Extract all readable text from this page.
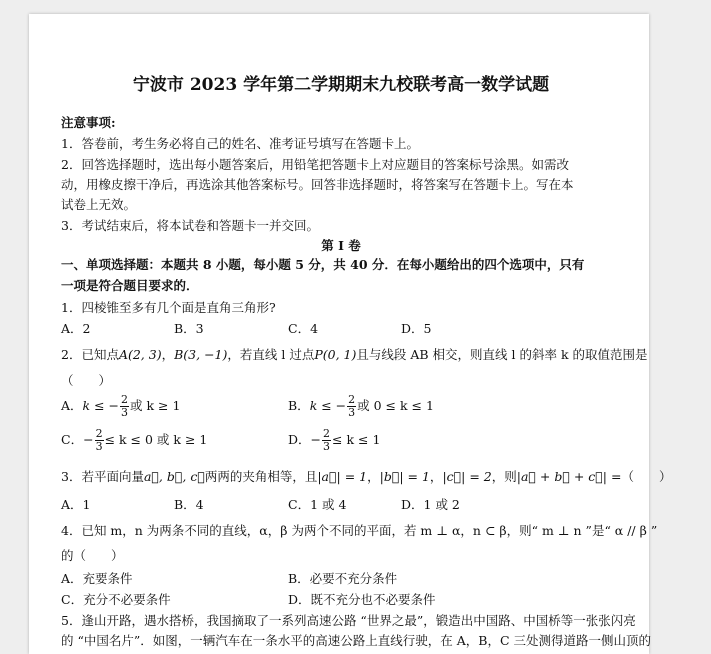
宁波市 2023 学年第二学期期末九校联考高一数学试题
注意事项:
1．答卷前，考生务必将自己的姓名、准考证号填写在答题卡上。
2．回答选择题时，选出每小题答案后，用铅笔把答题卡上对应题目的答案标号涂黑。如需改
动，用橡皮擦干净后，再选涂其他答案标号。回答非选择题时，将答案写在答题卡上。写在本
试卷上无效。
3．考试结束后，将本试卷和答题卡一并交回。
第 I 卷
一、单项选择题：本题共 8 小题，每小题 5 分，共 40 分．在每小题给出的四个选项中，只有
一项是符合题目要求的．
1．四棱锥至多有几个面是直角三角形?
A．2	B．3	C．4	D．5
2．已知点A(2, 3)，B(3, −1)，若直线 l 过点P(0, 1)且与线段 AB 相交，则直线 l 的斜率 k 的取值范围是
（　　）
A．k ≤ − $\frac{2}{3}$ 或 k ≥ 1	B．k ≤ − $\frac{2}{3}$ 或 0 ≤ k ≤ 1
C．− $\frac{2}{3} \le k \le 0$ 或 k ≥ 1	D．− $\frac{2}{3} \le k \le 1$
3．若平面向量a⃗, b⃗, c⃗两两的夹角相等，且|a⃗| = 1，|b⃗| = 1，|c⃗| = 2，则|a⃗ + b⃗ + c⃗| =（　　）
A．1	B．4	C．1 或 4	D．1 或 2
4．已知 m，n 为两条不同的直线，α，β 为两个不同的平面，若 m ⊥ α，n ⊂ β，则“ m ⊥ n ”是“ α // β ”
的（　　）
A．充要条件	B．必要不充分条件
C．充分不必要条件	D．既不充分也不必要条件
5．逢山开路，遇水搭桥，我国摘取了一系列高速公路 “世界之最”，锻造出中国路、中国桥等一张张闪亮
的 “中国名片”．如图，一辆汽车在一条水平的高速公路上直线行驶，在 A，B，C 三处测得道路一侧山顶的
